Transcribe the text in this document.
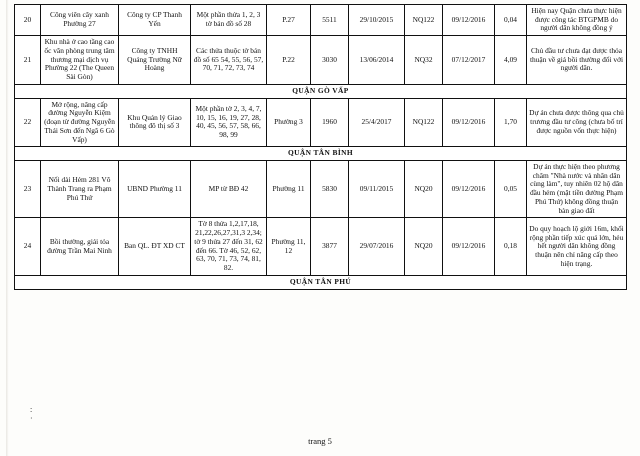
20	Công viên cây xanh Phường 27	Công ty CP Thanh Yến	Một phần thửa 1, 2, 3 tờ bản đồ số 28	P.27	5511	29/10/2015	NQ122	09/12/2016	0,04	Hiện nay Quận chưa thực hiện được công tác BTGPMB do người dân không đồng ý
21	Khu nhà ở cao tầng cao ốc văn phòng trung tâm thương mại dịch vụ Phường 22 (The Queen Sài Gòn)	Công ty TNHH Quảng Trường Nữ Hoàng	Các thửa thuộc tờ bản đồ số 65 54, 55, 56, 57, 70, 71, 72, 73, 74	P.22	3030	13/06/2014	NQ32	07/12/2017	4,09	Chủ đầu tư chưa đạt được thỏa thuận về giá bồi thường đối với người dân.
QUẬN GÒ VẤP										
22	Mở rộng, nâng cấp đường Nguyễn Kiệm (đoạn từ đường Nguyễn Thái Sơn đến Ngã 6 Gò Vấp)	Khu Quản lý Giao thông đô thị số 3	Một phần tờ 2, 3, 4, 7, 10, 15, 16, 19, 27, 28, 40, 45, 56, 57, 58, 66, 98, 99	Phường 3	1960	25/4/2017	NQ122	09/12/2016	1,70	Dự án chưa được thông qua chủ trương đầu tư công (chưa bố trí được nguồn vốn thực hiện)
QUẬN TÂN BÌNH										
23	Nối dài Hẻm 281 Võ Thành Trang ra Phạm Phú Thứ	UBND Phường 11	MP từ BĐ 42	Phường 11	5830	09/11/2015	NQ20	09/12/2016	0,05	Dự án thực hiện theo phương châm "Nhà nước và nhân dân cùng làm", tuy nhiên 02 hộ dân đầu hẻm (mặt tiền đường Phạm Phú Thứ) không đồng thuận bàn giao đất
24	Bồi thường, giải tỏa đường Trần Mai Ninh	Ban QL. ĐT XD CT	Tờ 8 thửa 1,2,17,18, 21,22,26,27,31,3 2,34; tờ 9 thửa 27 đến 31, 62 đến 66. Tờ 46, 52, 62, 63, 70, 71, 73, 74, 81, 82.	Phường 11, 12	3877	29/07/2016	NQ20	09/12/2016	0,18	Do quy hoạch lộ giới 16m, khổi rộng phần tiếp xúc quá lớn, hẻu hết người dân không đồng thuận nên chỉ năng cấp theo hiện trạng.
QUẬN TÂN PHÚ										
:
·
trang 5
